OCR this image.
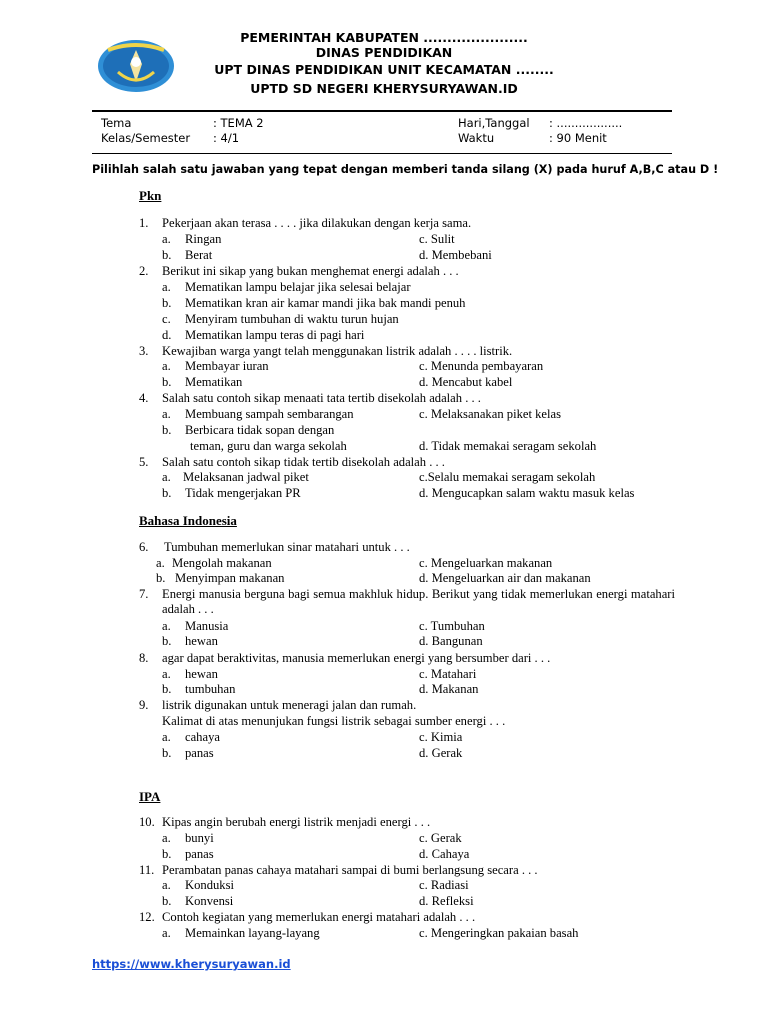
PEMERINTAH KABUPATEN ......................
DINAS PENDIDIKAN
UPT DINAS PENDIDIKAN UNIT KECAMATAN ........
UPTD SD NEGERI KHERYSURYAWAN.ID
Tema	: TEMA 2
Kelas/Semester : 4/1
Hari,Tanggal : ..................
Waktu	: 90 Menit
Pilihlah salah satu jawaban yang tepat dengan memberi tanda silang (X) pada huruf A,B,C atau D !
Pkn
1. Pekerjaan akan terasa . . . . jika dilakukan dengan kerja sama.
a. Ringan	c. Sulit
b. Berat	d. Membebani
2. Berikut ini sikap yang bukan menghemat energi adalah . . .
a. Mematikan lampu belajar jika selesai belajar
b. Mematikan kran air kamar mandi jika bak mandi penuh
c. Menyiram tumbuhan di waktu turun hujan
d. Mematikan lampu teras di pagi hari
3. Kewajiban warga yangt telah menggunakan listrik adalah . . . . listrik.
a. Membayar iuran	c. Menunda pembayaran
b. Mematikan	d. Mencabut kabel
4. Salah satu contoh sikap menaati tata tertib disekolah adalah . . .
a. Membuang sampah sembarangan	c. Melaksanakan piket kelas
b. Berbicara tidak sopan dengan
teman, guru dan warga sekolah	d. Tidak memakai seragam sekolah
5. Salah satu contoh sikap tidak tertib disekolah adalah . . .
a. Melaksanan jadwal piket	c.Selalu memakai seragam sekolah
b. Tidak mengerjakan PR	d. Mengucapkan salam waktu masuk kelas
Bahasa Indonesia
6. Tumbuhan memerlukan sinar matahari untuk . . .
a. Mengolah makanan	c. Mengeluarkan makanan
b. Menyimpan makanan	d. Mengeluarkan air dan makanan
7. Energi manusia berguna bagi semua makhluk hidup. Berikut yang tidak memerlukan energi matahari adalah . . .
a. Manusia	c. Tumbuhan
b. hewan	d. Bangunan
8. agar dapat beraktivitas, manusia memerlukan energi yang bersumber dari . . .
a. hewan	c. Matahari
b. tumbuhan	d. Makanan
9. listrik digunakan untuk meneragi jalan dan rumah.
Kalimat di atas menunjukan fungsi listrik sebagai sumber energi . . .
a. cahaya	c. Kimia
b. panas	d. Gerak
IPA
10. Kipas angin berubah energi listrik menjadi energi . . .
a. bunyi	c. Gerak
b. panas	d. Cahaya
11. Perambatan panas cahaya matahari sampai di bumi berlangsung secara . . .
a. Konduksi	c. Radiasi
b. Konvensi	d. Refleksi
12. Contoh kegiatan yang memerlukan energi matahari adalah . . .
a. Memainkan layang-layang	c. Mengeringkan pakaian basah
https://www.kherysuryawan.id
